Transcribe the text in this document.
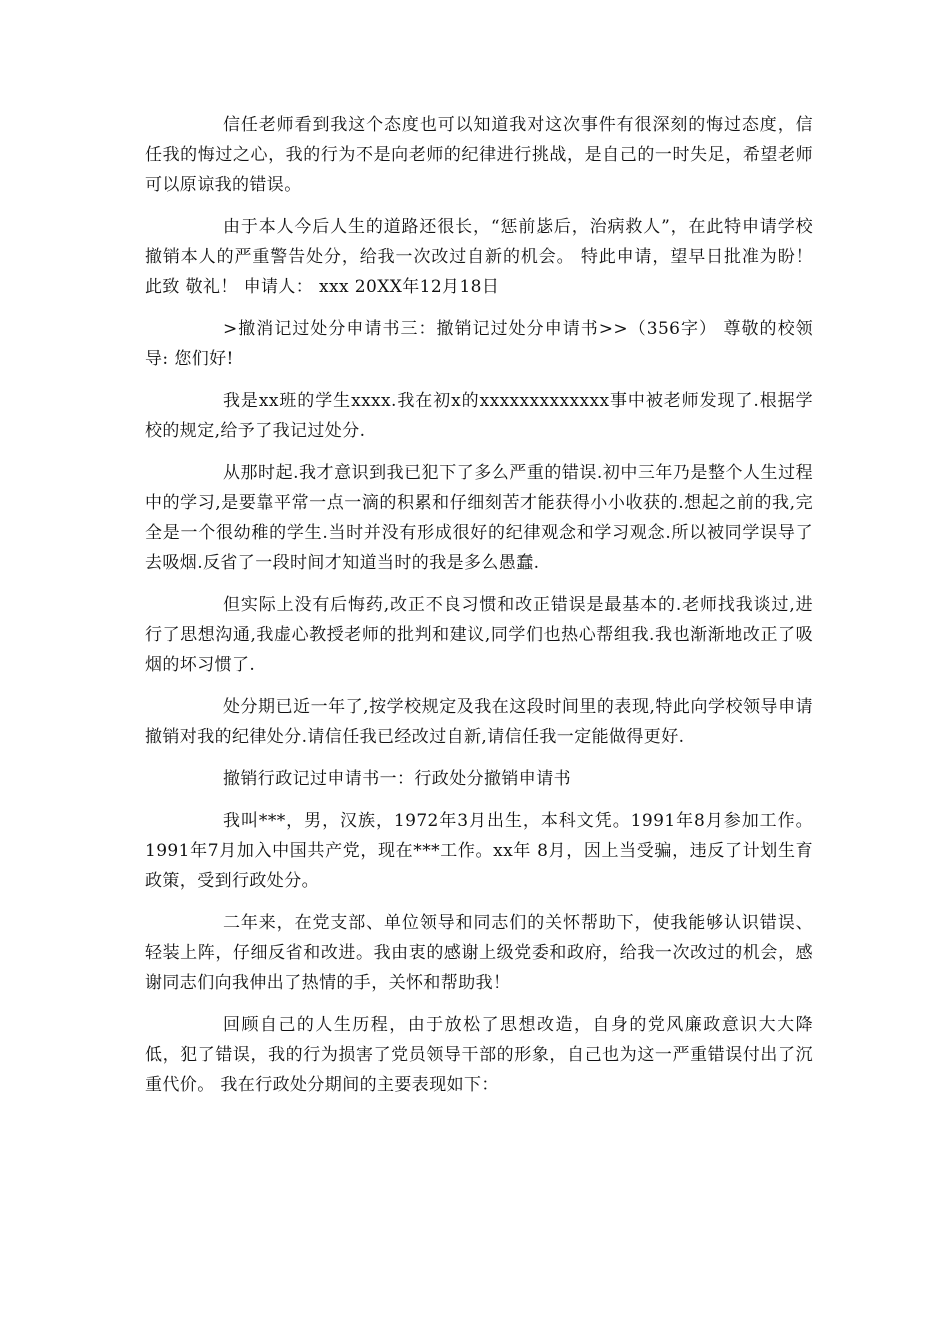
信任老师看到我这个态度也可以知道我对这次事件有很深刻的悔过态度，信任我的悔过之心，我的行为不是向老师的纪律进行挑战，是自己的一时失足，希望老师可以原谅我的错误。

由于本人今后人生的道路还很长，“惩前毖后，治病救人”，在此特申请学校撤销本人的严重警告处分，给我一次改过自新的机会。 特此申请，望早日批准为盼！ 此致 敬礼！ 申请人： xxx 20XX年12月18日

>撤消记过处分申请书三：撤销记过处分申请书>>（356字） 尊敬的校领导: 您们好!

我是xx班的学生xxxx.我在初x的xxxxxxxxxxxxx事中被老师发现了.根据学校的规定,给予了我记过处分.

从那时起.我才意识到我已犯下了多么严重的错误.初中三年乃是整个人生过程中的学习,是要靠平常一点一滴的积累和仔细刻苦才能获得小小收获的.想起之前的我,完全是一个很幼稚的学生.当时并没有形成很好的纪律观念和学习观念.所以被同学误导了去吸烟.反省了一段时间才知道当时的我是多么愚蠢.

但实际上没有后悔药,改正不良习惯和改正错误是最基本的.老师找我谈过,进行了思想沟通,我虚心教授老师的批判和建议,同学们也热心帮组我.我也渐渐地改正了吸烟的坏习惯了.

处分期已近一年了,按学校规定及我在这段时间里的表现,特此向学校领导申请撤销对我的纪律处分.请信任我已经改过自新,请信任我一定能做得更好.

撤销行政记过申请书一：行政处分撤销申请书

我叫***，男，汉族，1972年3月出生，本科文凭。1991年8月参加工作。1991年7月加入中国共产党，现在***工作。xx年 8月，因上当受骗，违反了计划生育政策，受到行政处分。

二年来，在党支部、单位领导和同志们的关怀帮助下，使我能够认识错误、轻装上阵，仔细反省和改进。我由衷的感谢上级党委和政府，给我一次改过的机会，感谢同志们向我伸出了热情的手，关怀和帮助我！

回顾自己的人生历程，由于放松了思想改造，自身的党风廉政意识大大降低，犯了错误，我的行为损害了党员领导干部的形象，自己也为这一严重错误付出了沉重代价。 我在行政处分期间的主要表现如下：
